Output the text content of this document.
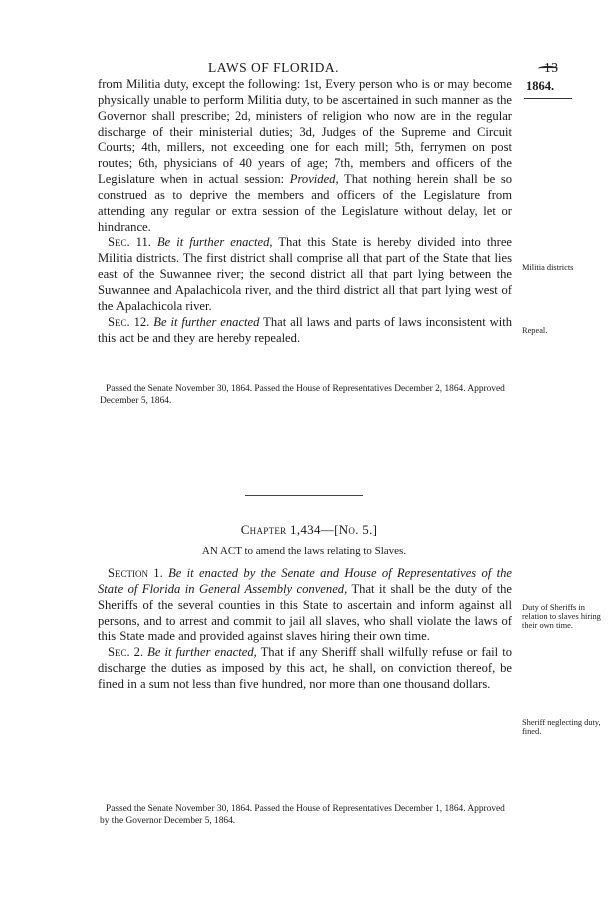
LAWS OF FLORIDA.	13
1864.

from Militia duty, except the following: 1st, Every person who is or may become physically unable to perform Militia duty, to be ascertained in such manner as the Governor shall prescribe; 2d, ministers of religion who now are in the regular discharge of their ministerial duties; 3d, Judges of the Supreme and Circuit Courts; 4th, millers, not exceeding one for each mill; 5th, ferrymen on post routes; 6th, physicians of 40 years of age; 7th, members and officers of the Legislature when in actual session: Provided, That nothing herein shall be so construed as to deprive the members and officers of the Legislature from attending any regular or extra session of the Legislature without delay, let or hindrance.

Sec. 11. Be it further enacted, That this State is hereby divided into three Militia districts. The first district shall comprise all that part of the State that lies east of the Suwannee river; the second district all that part lying between the Suwannee and Apalachicola river, and the third district all that part lying west of the Apalachicola river.

Sec. 12. Be it further enacted That all laws and parts of laws inconsistent with this act be and they are hereby repealed.

Passed the Senate November 30, 1864. Passed the House of Representatives December 2, 1864. Approved December 5, 1864.
Chapter 1,434—[No. 5.]
AN ACT to amend the laws relating to Slaves.

Section 1. Be it enacted by the Senate and House of Representatives of the State of Florida in General Assembly convened, That it shall be the duty of the Sheriffs of the several counties in this State to ascertain and inform against all persons, and to arrest and commit to jail all slaves, who shall violate the laws of this State made and provided against slaves hiring their own time.

Sec. 2. Be it further enacted, That if any Sheriff shall wilfully refuse or fail to discharge the duties as imposed by this act, he shall, on conviction thereof, be fined in a sum not less than five hundred, nor more than one thousand dollars.

Passed the Senate November 30, 1864. Passed the House of Representatives December 1, 1864. Approved by the Governor December 5, 1864.
Militia districts
Repeal.
Duty of Sheriffs in relation to slaves hiring their own time.
Sheriff neglecting duty, fined.
